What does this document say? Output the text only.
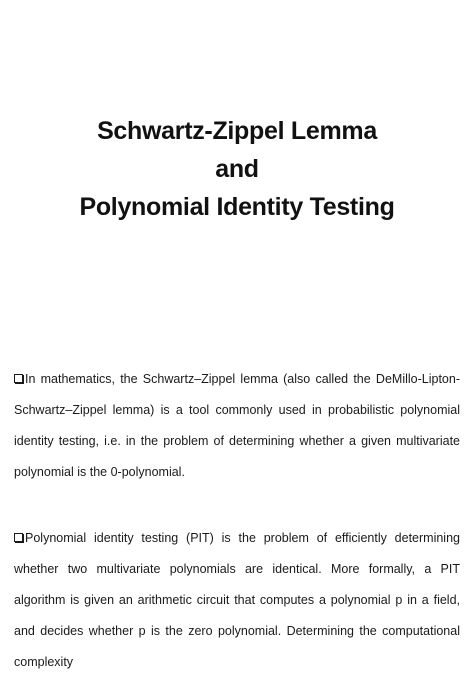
Schwartz-Zippel Lemma
and
Polynomial Identity Testing

In mathematics, the Schwartz–Zippel lemma (also called the DeMillo-Lipton-Schwartz–Zippel lemma) is a tool commonly used in probabilistic polynomial identity testing, i.e. in the problem of determining whether a given multivariate polynomial is the 0-polynomial.

Polynomial identity testing (PIT) is the problem of efficiently determining whether two multivariate polynomials are identical. More formally, a PIT algorithm is given an arithmetic circuit that computes a polynomial p in a field, and decides whether p is the zero polynomial. Determining the computational complexity
